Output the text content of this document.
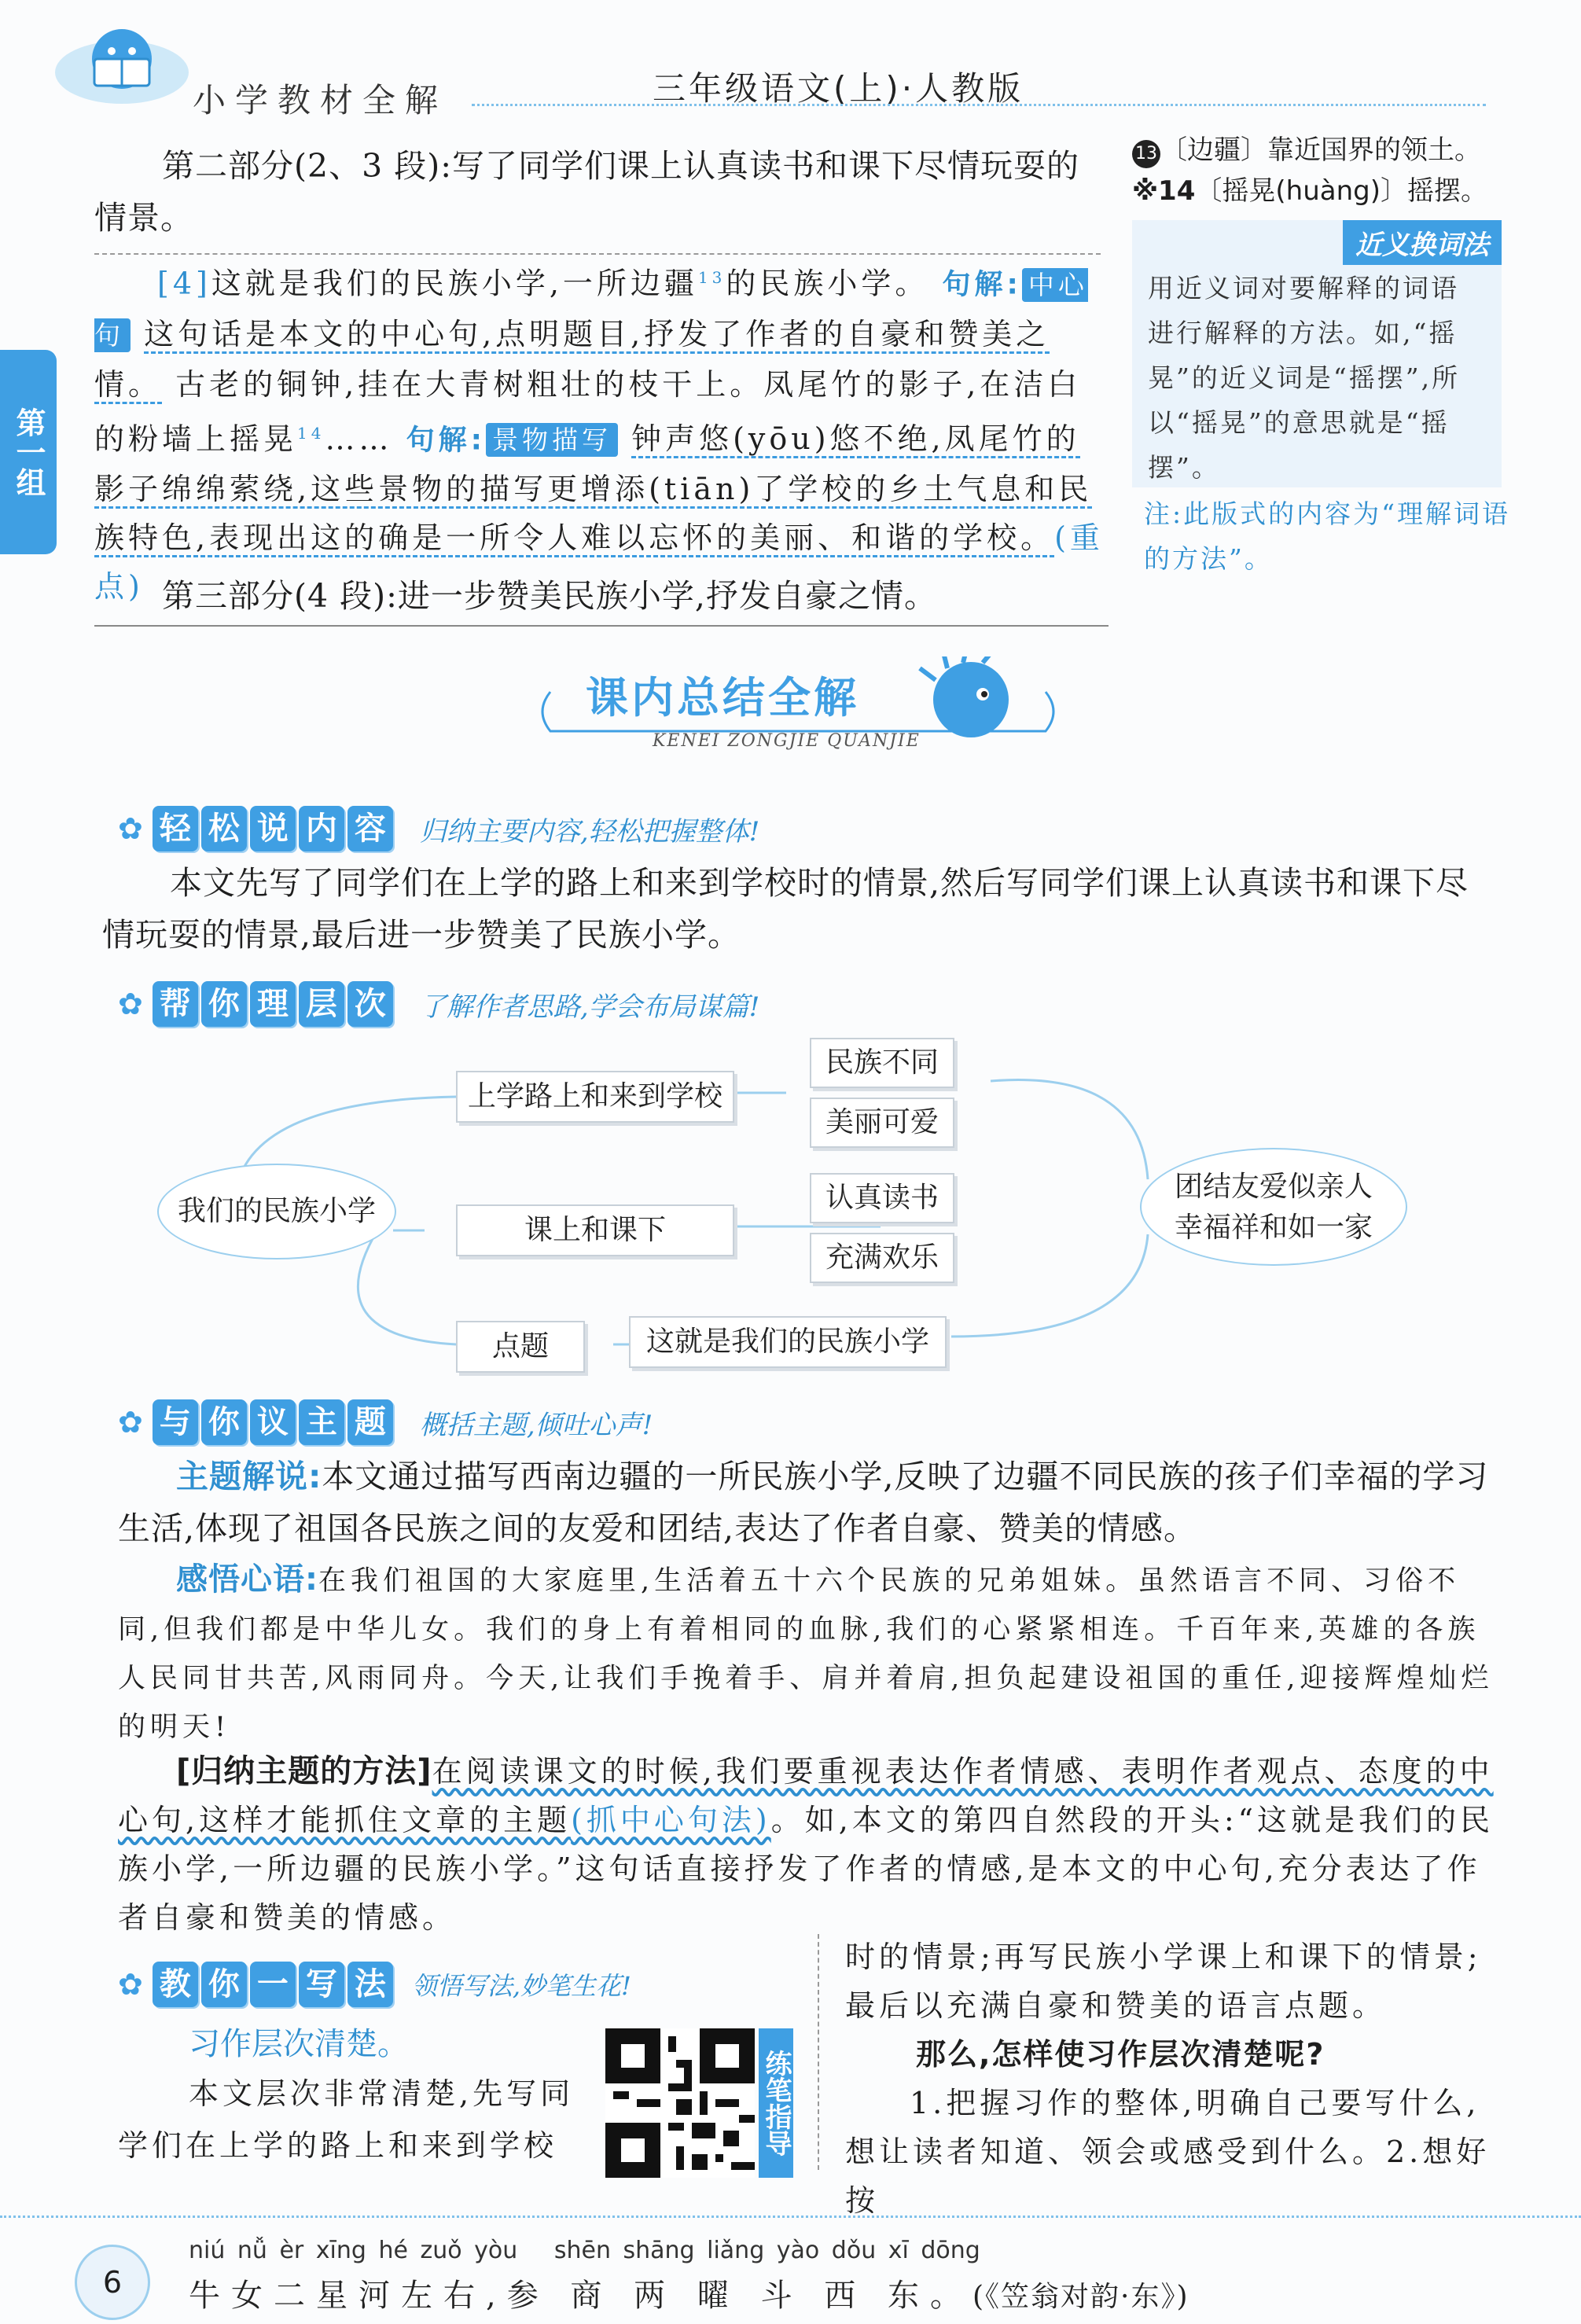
小学教材全解	三年级语文(上)·人教版
第二部分(2、3 段):写了同学们课上认真读书和课下尽情玩耍的情景。
[4]这就是我们的民族小学,一所边疆$^{13}$的民族小学。 句解: 中心句 这句话是本文的中心句,点明题目,抒发了作者的自豪和赞美之情。 古老的铜钟,挂在大青树粗壮的枝干上。凤尾竹的影子,在洁白的粉墙上摇晃$^{14}$…… 句解: 景物描写 钟声悠(yōu)悠不绝,凤尾竹的影子绵绵萦绕,这些景物的描写更增添(tiān)了学校的乡土气息和民族特色,表现出这的确是一所令人难以忘怀的美丽、和谐的学校。(重点) 第三部分(4 段):进一步赞美民族小学,抒发自豪之情。
第一组
13 〔边疆〕靠近国界的领土。
※14〔摇晃(huàng)〕摇摆。
近义换词法
用近义词对要解释的词语进行解释的方法。如,“摇晃”的近义词是“摇摆”,所以“摇晃”的意思就是“摇摆”。
注:此版式的内容为“理解词语的方法”。
课内总结全解
KENEI ZONGJIE QUANJIE
✿ 轻 松 说 内 容	归纳主要内容,轻松把握整体!
本文先写了同学们在上学的路上和来到学校时的情景,然后写同学们课上认真读书和课下尽情玩耍的情景,最后进一步赞美了民族小学。
✿ 帮 你 理 层 次	了解作者思路,学会布局谋篇!
我们的民族小学
上学路上和来到学校
民族不同
美丽可爱
课上和课下
认真读书
充满欢乐
点题	这就是我们的民族小学
团结友爱似亲人
幸福祥和如一家
✿ 与 你 议 主 题	概括主题,倾吐心声!
主题解说:本文通过描写西南边疆的一所民族小学,反映了边疆不同民族的孩子们幸福的学习生活,体现了祖国各民族之间的友爱和团结,表达了作者自豪、赞美的情感。
感悟心语:在我们祖国的大家庭里,生活着五十六个民族的兄弟姐妹。虽然语言不同、习俗不同,但我们都是中华儿女。我们的身上有着相同的血脉,我们的心紧紧相连。千百年来,英雄的各族人民同甘共苦,风雨同舟。今天,让我们手挽着手、肩并着肩,担负起建设祖国的重任,迎接辉煌灿烂的明天!
[归纳主题的方法]在阅读课文的时候,我们要重视表达作者情感、表明作者观点、态度的中心句,这样才能抓住文章的主题(抓中心句法)。如,本文的第四自然段的开头:“这就是我们的民族小学,一所边疆的民族小学。”这句话直接抒发了作者的情感,是本文的中心句,充分表达了作者自豪和赞美的情感。
✿ 教 你 一 写 法	领悟写法,妙笔生花!
习作层次清楚。
本文层次非常清楚,先写同学们在上学的路上和来到学校	练笔指导
时的情景;再写民族小学课上和课下的情景;最后以充满自豪和赞美的语言点题。
那么,怎样使习作层次清楚呢?
1.把握习作的整体,明确自己要写什么,想让读者知道、领会或感受到什么。2.想好按
6
niú nǚ èr xīng hé zuǒ yòu   shēn shāng liǎng yào dǒu xī dōng
牛女二星河左右,参 商 两 曜 斗 西 东。(《笠翁对韵·东》)
